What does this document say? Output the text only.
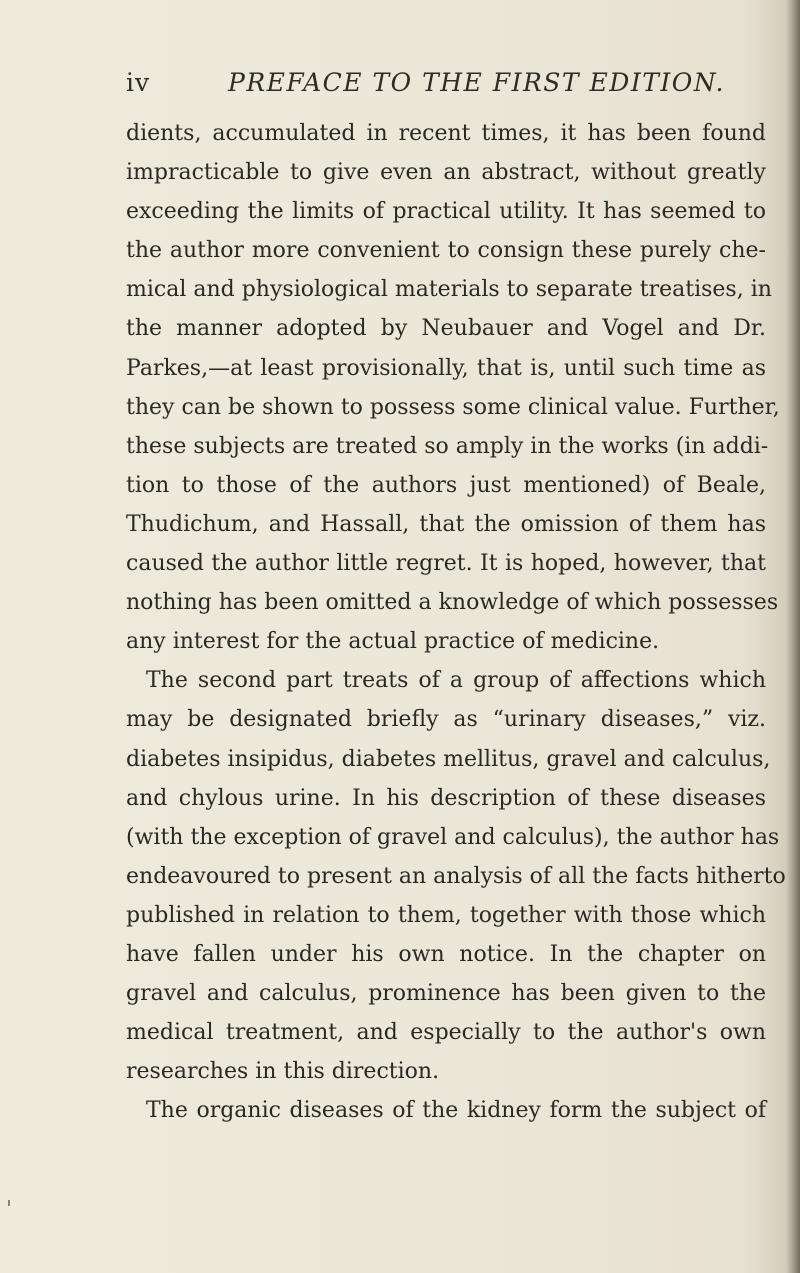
iv	PREFACE TO THE FIRST EDITION.
dients, accumulated in recent times, it has been found
impracticable to give even an abstract, without greatly
exceeding the limits of practical utility. It has seemed to
the author more convenient to consign these purely che-
mical and physiological materials to separate treatises, in
the manner adopted by Neubauer and Vogel and Dr.
Parkes,—at least provisionally, that is, until such time as
they can be shown to possess some clinical value. Further,
these subjects are treated so amply in the works (in addi-
tion to those of the authors just mentioned) of Beale,
Thudichum, and Hassall, that the omission of them has
caused the author little regret. It is hoped, however, that
nothing has been omitted a knowledge of which possesses
any interest for the actual practice of medicine.
The second part treats of a group of affections which
may be designated briefly as “urinary diseases,” viz.
diabetes insipidus, diabetes mellitus, gravel and calculus,
and chylous urine. In his description of these diseases
(with the exception of gravel and calculus), the author has
endeavoured to present an analysis of all the facts hitherto
published in relation to them, together with those which
have fallen under his own notice. In the chapter on
gravel and calculus, prominence has been given to the
medical treatment, and especially to the author's own
researches in this direction.
The organic diseases of the kidney form the subject of
